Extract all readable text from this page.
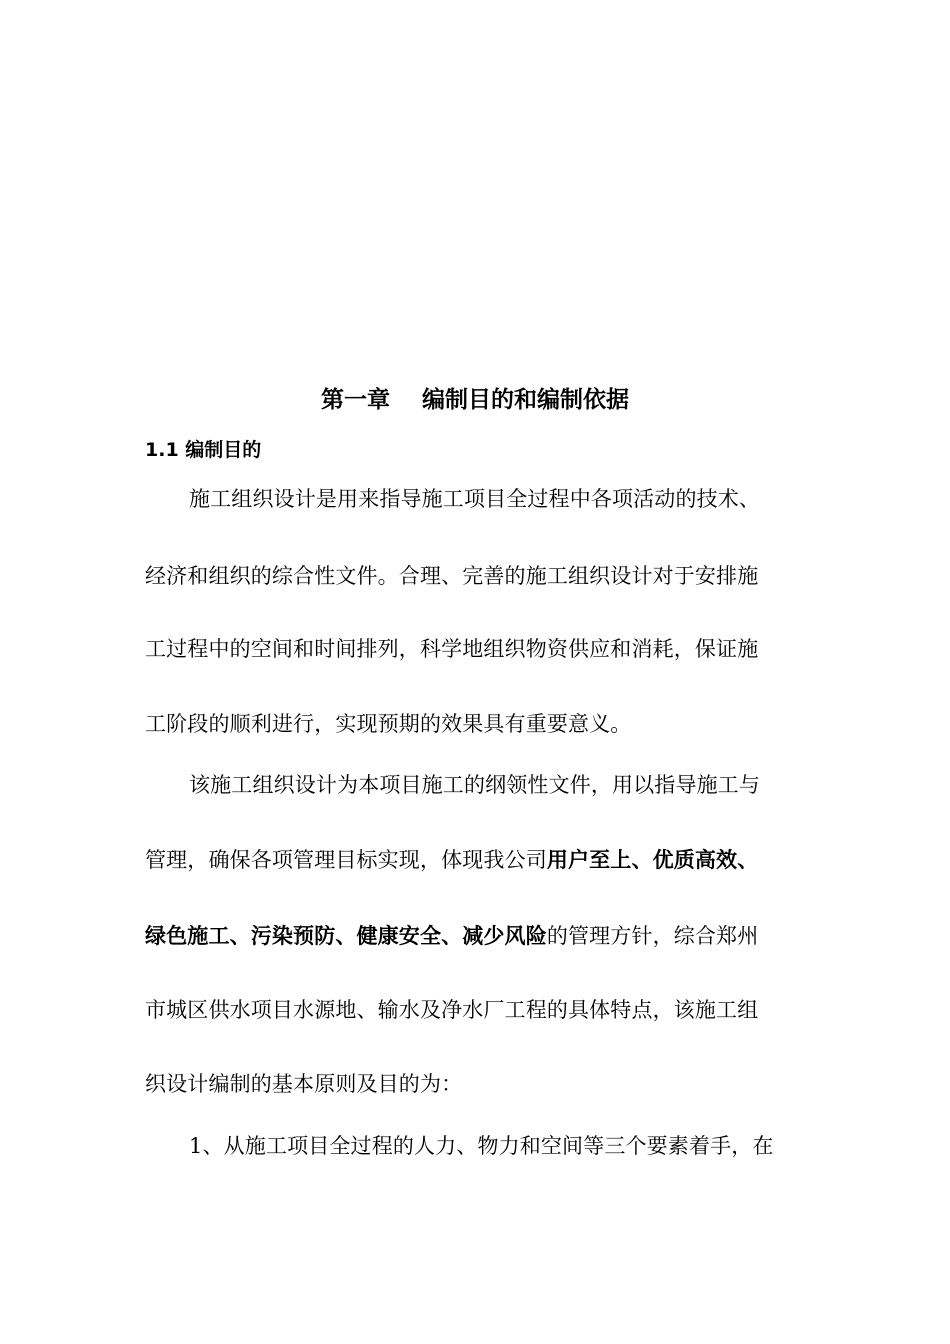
第一章    编制目的和编制依据
1.1 编制目的
施工组织设计是用来指导施工项目全过程中各项活动的技术、
经济和组织的综合性文件。合理、完善的施工组织设计对于安排施
工过程中的空间和时间排列，科学地组织物资供应和消耗，保证施
工阶段的顺利进行，实现预期的效果具有重要意义。
该施工组织设计为本项目施工的纲领性文件，用以指导施工与
管理，确保各项管理目标实现，体现我公司用户至上、优质高效、
绿色施工、污染预防、健康安全、减少风险的管理方针，综合郑州
市城区供水项目水源地、输水及净水厂工程的具体特点，该施工组
织设计编制的基本原则及目的为：
1、从施工项目全过程的人力、物力和空间等三个要素着手，在
